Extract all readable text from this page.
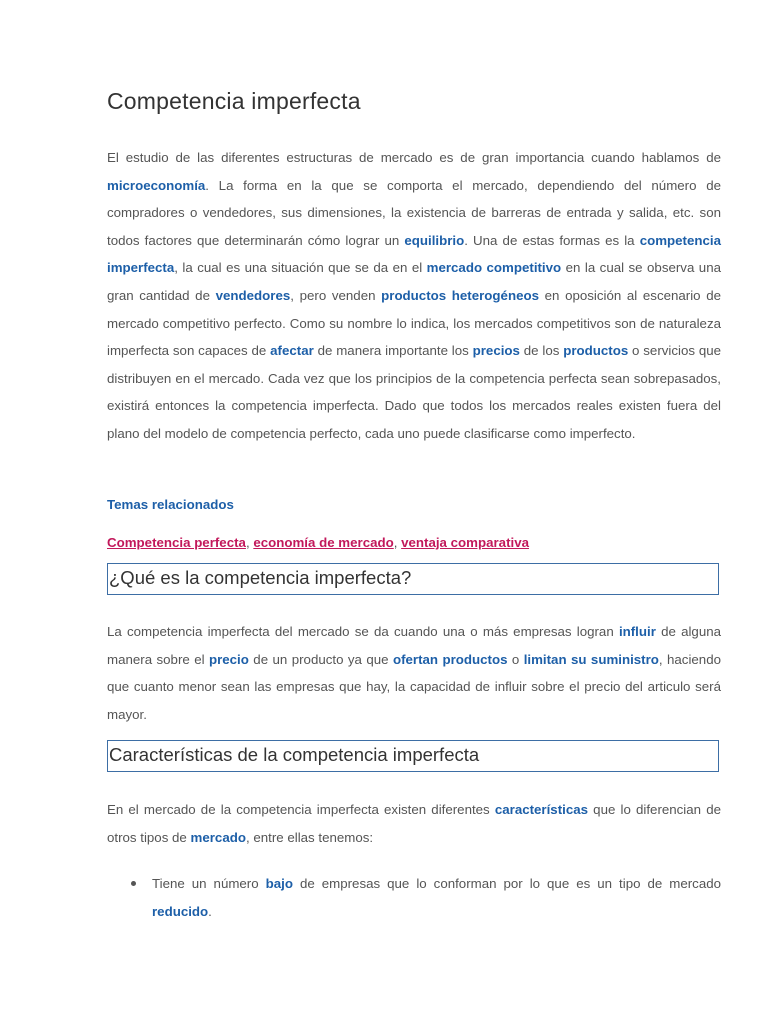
Competencia imperfecta

El estudio de las diferentes estructuras de mercado es de gran importancia cuando hablamos de microeconomía. La forma en la que se comporta el mercado, dependiendo del número de compradores o vendedores, sus dimensiones, la existencia de barreras de entrada y salida, etc. son todos factores que determinarán cómo lograr un equilibrio. Una de estas formas es la competencia imperfecta, la cual es una situación que se da en el mercado competitivo en la cual se observa una gran cantidad de vendedores, pero venden productos heterogéneos en oposición al escenario de mercado competitivo perfecto. Como su nombre lo indica, los mercados competitivos son de naturaleza imperfecta son capaces de afectar de manera importante los precios de los productos o servicios que distribuyen en el mercado. Cada vez que los principios de la competencia perfecta sean sobrepasados, existirá entonces la competencia imperfecta. Dado que todos los mercados reales existen fuera del plano del modelo de competencia perfecto, cada uno puede clasificarse como imperfecto.

Temas relacionados

Competencia perfecta, economía de mercado, ventaja comparativa

¿Qué es la competencia imperfecta?

La competencia imperfecta del mercado se da cuando una o más empresas logran influir de alguna manera sobre el precio de un producto ya que ofertan productos o limitan su suministro, haciendo que cuanto menor sean las empresas que hay, la capacidad de influir sobre el precio del articulo será mayor.

Características de la competencia imperfecta

En el mercado de la competencia imperfecta existen diferentes características que lo diferencian de otros tipos de mercado, entre ellas tenemos:

Tiene un número bajo de empresas que lo conforman por lo que es un tipo de mercado reducido.
